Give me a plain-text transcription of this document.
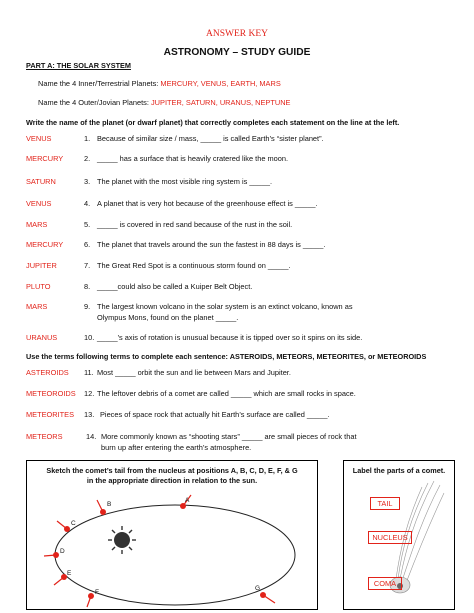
ANSWER KEY
ASTRONOMY – STUDY GUIDE
PART A: THE SOLAR SYSTEM
Name the 4 Inner/Terrestrial Planets: MERCURY, VENUS, EARTH, MARS
Name the 4 Outer/Jovian Planets: JUPITER, SATURN, URANUS, NEPTUNE
Write the name of the planet (or dwarf planet) that correctly completes each statement on the line at the left.
VENUS	1. Because of similar size / mass, _____ is called Earth’s “sister planet”.
MERCURY	2. _____ has a surface that is heavily cratered like the moon.
SATURN	3. The planet with the most visible ring system is _____.
VENUS	4. A planet that is very hot because of the greenhouse effect is _____.
MARS	5. _____ is covered in red sand because of the rust in the soil.
MERCURY	6. The planet that travels around the sun the fastest in 88 days is _____.
JUPITER	7. The Great Red Spot is a continuous storm found on _____.
PLUTO	8. _____could also be called a Kuiper Belt Object.
MARS	9. The largest known volcano in the solar system is an extinct volcano, known as
Olympus Mons, found on the planet _____.
URANUS	10. _____’s axis of rotation is unusual because it is tipped over so it spins on its side.
Use the terms following terms to complete each sentence: ASTEROIDS, METEORS, METEORITES, or METEOROIDS
ASTEROIDS 11. Most _____ orbit the sun and lie between Mars and Jupiter.
METEOROIDS 12. The leftover debris of a comet are called _____ which are small rocks in space.
METEORITES 13. Pieces of space rock that actually hit Earth’s surface are called _____.
METEORS	14. More commonly known as “shooting stars” _____ are small pieces of rock that
burn up after entering the earth’s atmosphere.
Sketch the comet’s tail from the nucleus at positions A, B, C, D, E, F, & G
in the appropriate direction in relation to the sun.
A
B
C
D
E
F
G
Label the parts of a comet.
TAIL
NUCLEUS
COMA
